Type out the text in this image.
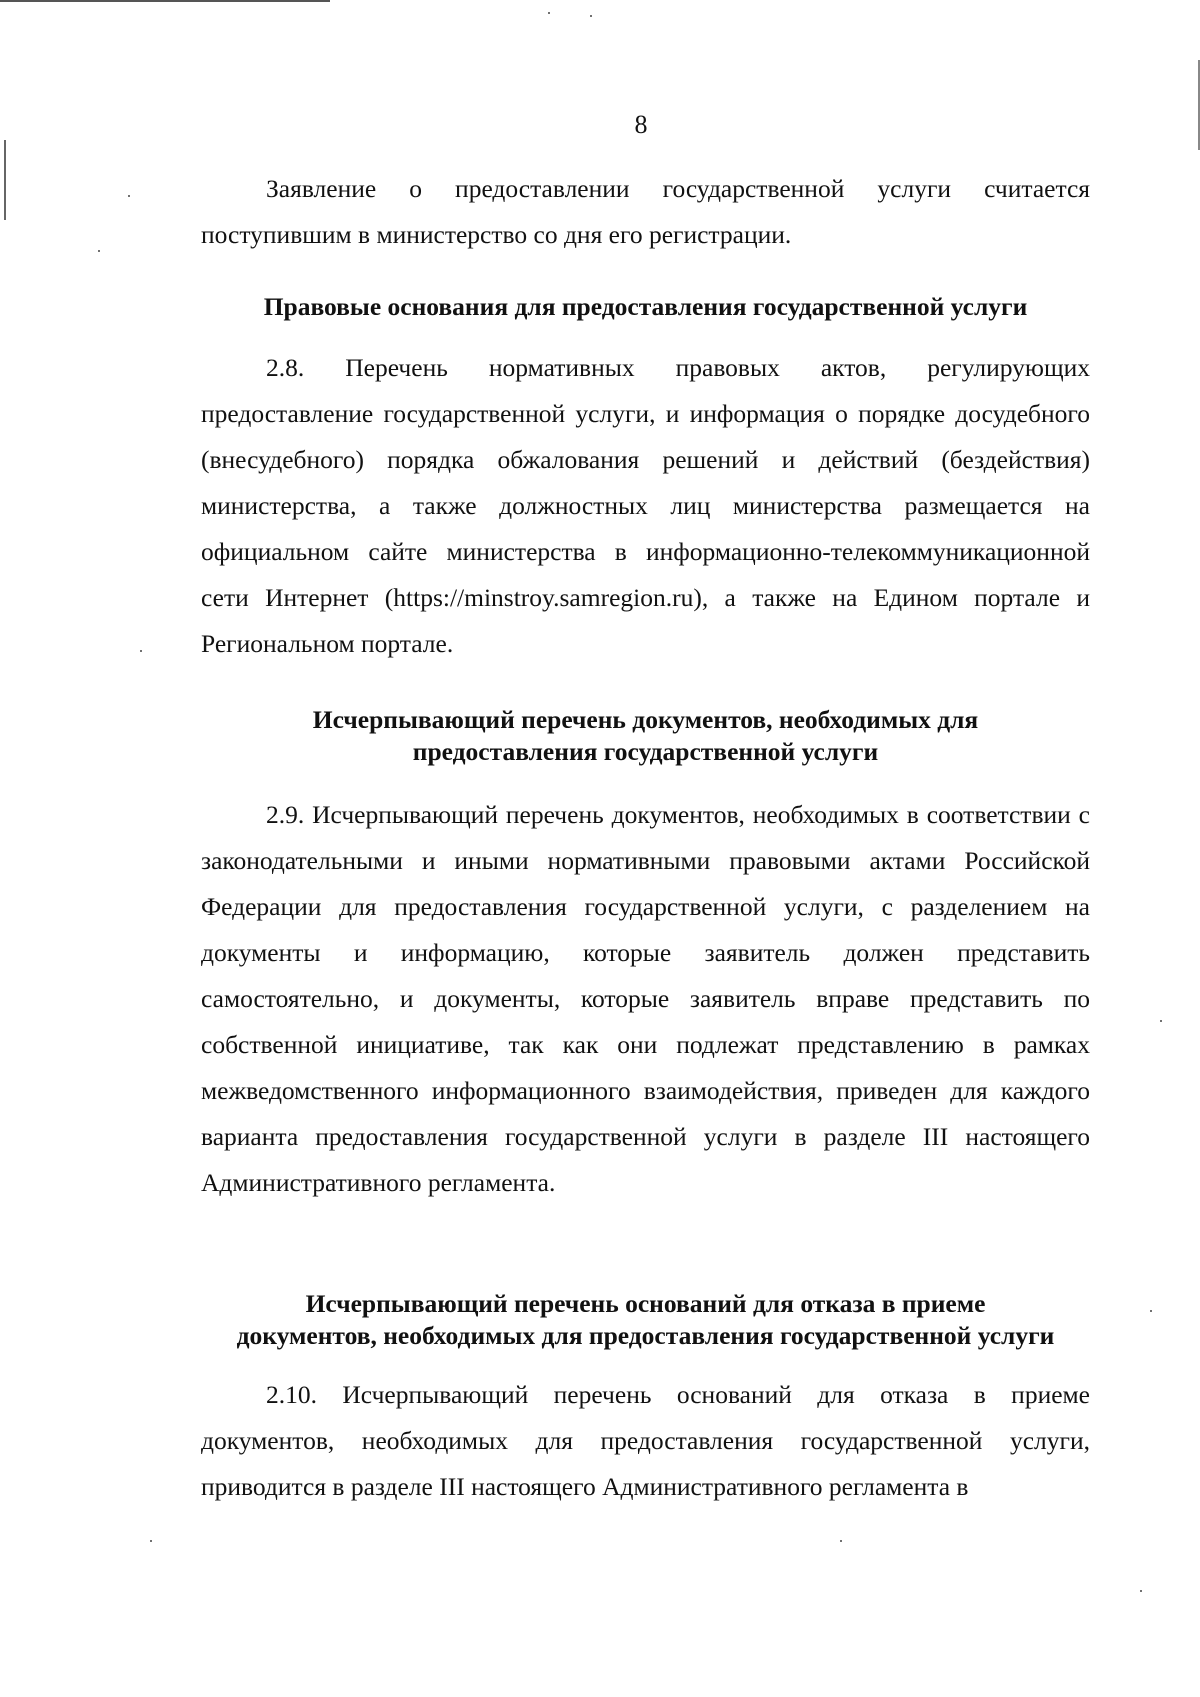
8

Заявление о предоставлении государственной услуги считается поступившим в министерство со дня его регистрации.

Правовые основания для предоставления государственной услуги

2.8. Перечень нормативных правовых актов, регулирующих предоставление государственной услуги, и информация о порядке досудебного (внесудебного) порядка обжалования решений и действий (бездействия) министерства, а также должностных лиц министерства размещается на официальном сайте министерства в информационно-телекоммуникационной сети Интернет (https://minstroy.samregion.ru), а также на Едином портале и Региональном портале.

Исчерпывающий перечень документов, необходимых для
предоставления государственной услуги

2.9. Исчерпывающий перечень документов, необходимых в соответствии с законодательными и иными нормативными правовыми актами Российской Федерации для предоставления государственной услуги, с разделением на документы и информацию, которые заявитель должен представить самостоятельно, и документы, которые заявитель вправе представить по собственной инициативе, так как они подлежат представлению в рамках межведомственного информационного взаимодействия, приведен для каждого варианта предоставления государственной услуги в разделе III настоящего Административного регламента.

Исчерпывающий перечень оснований для отказа в приеме
документов, необходимых для предоставления государственной услуги

2.10. Исчерпывающий перечень оснований для отказа в приеме документов, необходимых для предоставления государственной услуги, приводится в разделе III настоящего Административного регламента в
